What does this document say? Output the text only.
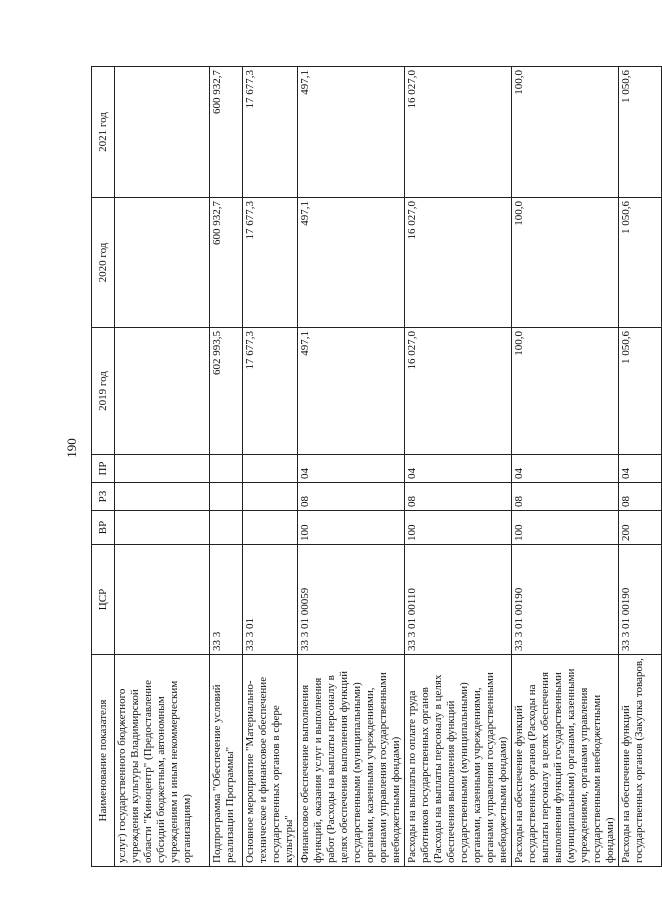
190
Наименование показателя	ЦСР	ВР	РЗ	ПР	2019 год	2020 год	2021 год
услуг) государственного бюджетного учреждения культуры Владимирской области "Киноцентр" (Предоставление субсидий бюджетным, автономным учреждениям и иным некоммерческим организациям)							
Подпрограмма "Обеспечение условий реализации Программы"	33 3				602 993,5	600 932,7	600 932,7
Основное мероприятие "Материально-техническое и финансовое обеспечение государственных органов в сфере культуры"	33 3 01				17 677,3	17 677,3	17 677,3
Финансовое обеспечение выполнения функций, оказания услуг и выполнения работ (Расходы на выплаты персоналу в целях обеспечения выполнения функций государственными (муниципальными) органами, казенными учреждениями, органами управления государственными внебюджетными фондами)	33 3 01 00059	100	08	04	497,1	497,1	497,1
Расходы на выплаты по оплате труда работников государственных органов (Расходы на выплаты персоналу в целях обеспечения выполнения функций государственными (муниципальными) органами, казенными учреждениями, органами управления государственными внебюджетными фондами)	33 3 01 00110	100	08	04	16 027,0	16 027,0	16 027,0
Расходы на обеспечение функций государственных органов (Расходы на выплаты персоналу в целях обеспечения выполнения функций государственными (муниципальными) органами, казенными учреждениями, органами управления государственными внебюджетными фондами)	33 3 01 00190	100	08	04	100,0	100,0	100,0
Расходы на обеспечение функций государственных органов (Закупка товаров,	33 3 01 00190	200	08	04	1 050,6	1 050,6	1 050,6
